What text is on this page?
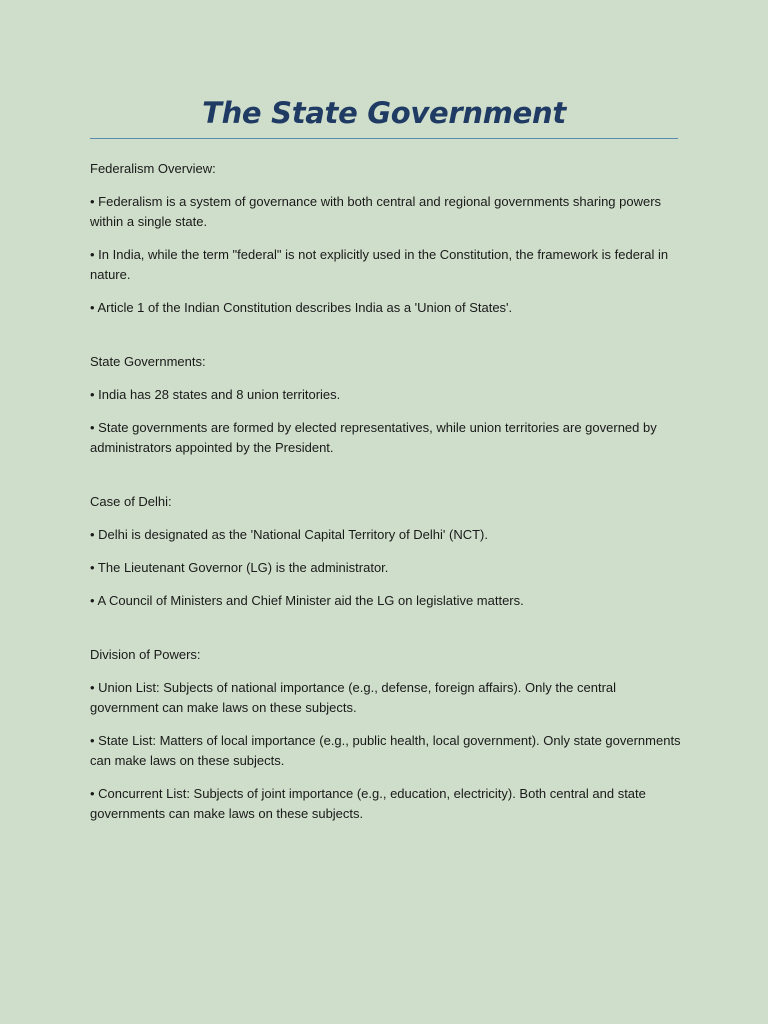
The State Government

Federalism Overview:

• Federalism is a system of governance with both central and regional governments sharing powers within a single state.

• In India, while the term "federal" is not explicitly used in the Constitution, the framework is federal in nature.

• Article 1 of the Indian Constitution describes India as a 'Union of States'.

State Governments:

• India has 28 states and 8 union territories.

• State governments are formed by elected representatives, while union territories are governed by administrators appointed by the President.

Case of Delhi:

• Delhi is designated as the 'National Capital Territory of Delhi' (NCT).

• The Lieutenant Governor (LG) is the administrator.

• A Council of Ministers and Chief Minister aid the LG on legislative matters.

Division of Powers:

• Union List: Subjects of national importance (e.g., defense, foreign affairs). Only the central government can make laws on these subjects.

• State List: Matters of local importance (e.g., public health, local government). Only state governments can make laws on these subjects.

• Concurrent List: Subjects of joint importance (e.g., education, electricity). Both central and state governments can make laws on these subjects.
